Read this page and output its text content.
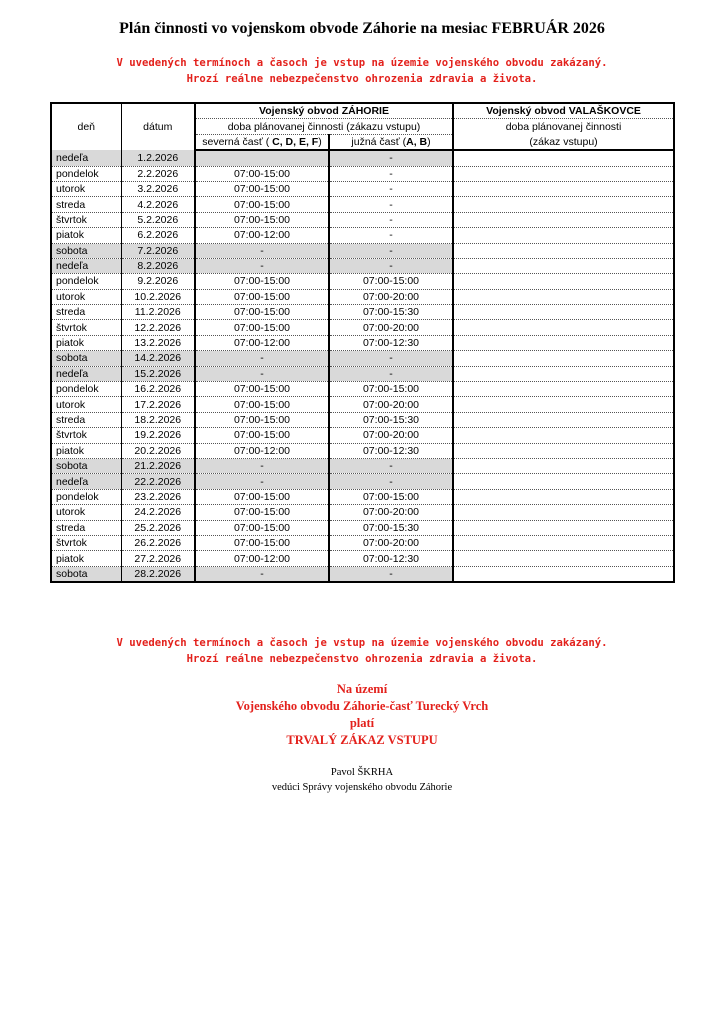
Plán činnosti vo vojenskom obvode Záhorie na mesiac FEBRUÁR 2026
V uvedených termínoch a časoch je vstup na územie vojenského obvodu zakázaný.
Hrozí reálne nebezpečenstvo ohrozenia zdravia a života.
deň	dátum	Vojenský obvod ZÁHORIE		Vojenský obvod VALAŠKOVCE
		doba plánovanej činnosti (zákazu vstupu)		doba plánovanej činnosti
		severná časť ( C, D, E, F)	južná časť (A, B)	(zákaz vstupu)
nedeľa	1.2.2026		-	
pondelok	2.2.2026	07:00-15:00	-	
utorok	3.2.2026	07:00-15:00	-	
streda	4.2.2026	07:00-15:00	-	
štvrtok	5.2.2026	07:00-15:00	-	
piatok	6.2.2026	07:00-12:00	-	
sobota	7.2.2026	-	-	
nedeľa	8.2.2026	-	-	
pondelok	9.2.2026	07:00-15:00	07:00-15:00	
utorok	10.2.2026	07:00-15:00	07:00-20:00	
streda	11.2.2026	07:00-15:00	07:00-15:30	
štvrtok	12.2.2026	07:00-15:00	07:00-20:00	
piatok	13.2.2026	07:00-12:00	07:00-12:30	
sobota	14.2.2026	-	-	
nedeľa	15.2.2026	-	-	
pondelok	16.2.2026	07:00-15:00	07:00-15:00	
utorok	17.2.2026	07:00-15:00	07:00-20:00	
streda	18.2.2026	07:00-15:00	07:00-15:30	
štvrtok	19.2.2026	07:00-15:00	07:00-20:00	
piatok	20.2.2026	07:00-12:00	07:00-12:30	
sobota	21.2.2026	-	-	
nedeľa	22.2.2026	-	-	
pondelok	23.2.2026	07:00-15:00	07:00-15:00	
utorok	24.2.2026	07:00-15:00	07:00-20:00	
streda	25.2.2026	07:00-15:00	07:00-15:30	
štvrtok	26.2.2026	07:00-15:00	07:00-20:00	
piatok	27.2.2026	07:00-12:00	07:00-12:30	
sobota	28.2.2026	-	-	
V uvedených termínoch a časoch je vstup na územie vojenského obvodu zakázaný.
Hrozí reálne nebezpečenstvo ohrozenia zdravia a života.
Na území
Vojenského obvodu Záhorie-časť Turecký Vrch
platí
TRVALÝ ZÁKAZ VSTUPU
Pavol ŠKRHA
vedúci Správy vojenského obvodu Záhorie
